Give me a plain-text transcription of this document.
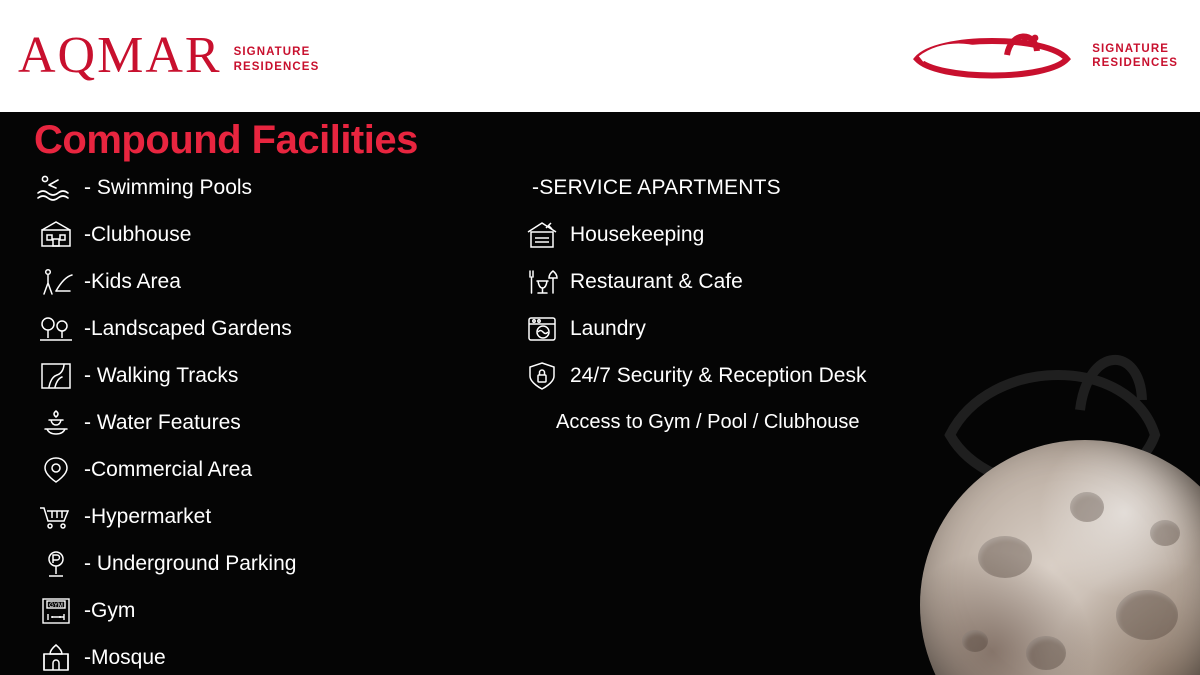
AQMAR SIGNATURE
RESIDENCES
SIGNATURE
RESIDENCES
Compound Facilities
- Swimming Pools
-Clubhouse
-Kids Area
-Landscaped Gardens
- Walking Tracks
- Water Features
-Commercial Area
-Hypermarket
- Underground Parking
GYM -Gym
-Mosque
-SERVICE APARTMENTS
Housekeeping
Restaurant & Cafe
Laundry
24/7 Security & Reception Desk
Access to Gym / Pool / Clubhouse
